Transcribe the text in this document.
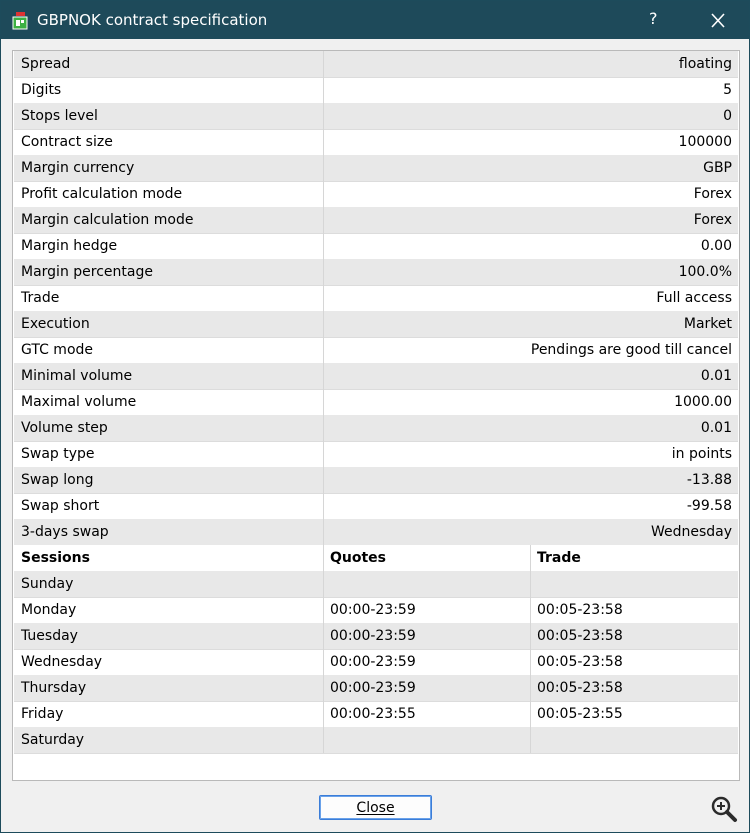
GBPNOK contract specification	?
Spread	floating
Digits	5
Stops level	0
Contract size	100000
Margin currency	GBP
Profit calculation mode	Forex
Margin calculation mode	Forex
Margin hedge	0.00
Margin percentage	100.0%
Trade	Full access
Execution	Market
GTC mode	Pendings are good till cancel
Minimal volume	0.01
Maximal volume	1000.00
Volume step	0.01
Swap type	in points
Swap long	-13.88
Swap short	-99.58
3-days swap	Wednesday
Sessions	Quotes	Trade
Sunday
Monday	00:00-23:59	00:05-23:58
Tuesday	00:00-23:59	00:05-23:58
Wednesday	00:00-23:59	00:05-23:58
Thursday	00:00-23:59	00:05-23:58
Friday	00:00-23:55	00:05-23:55
Saturday
Close
